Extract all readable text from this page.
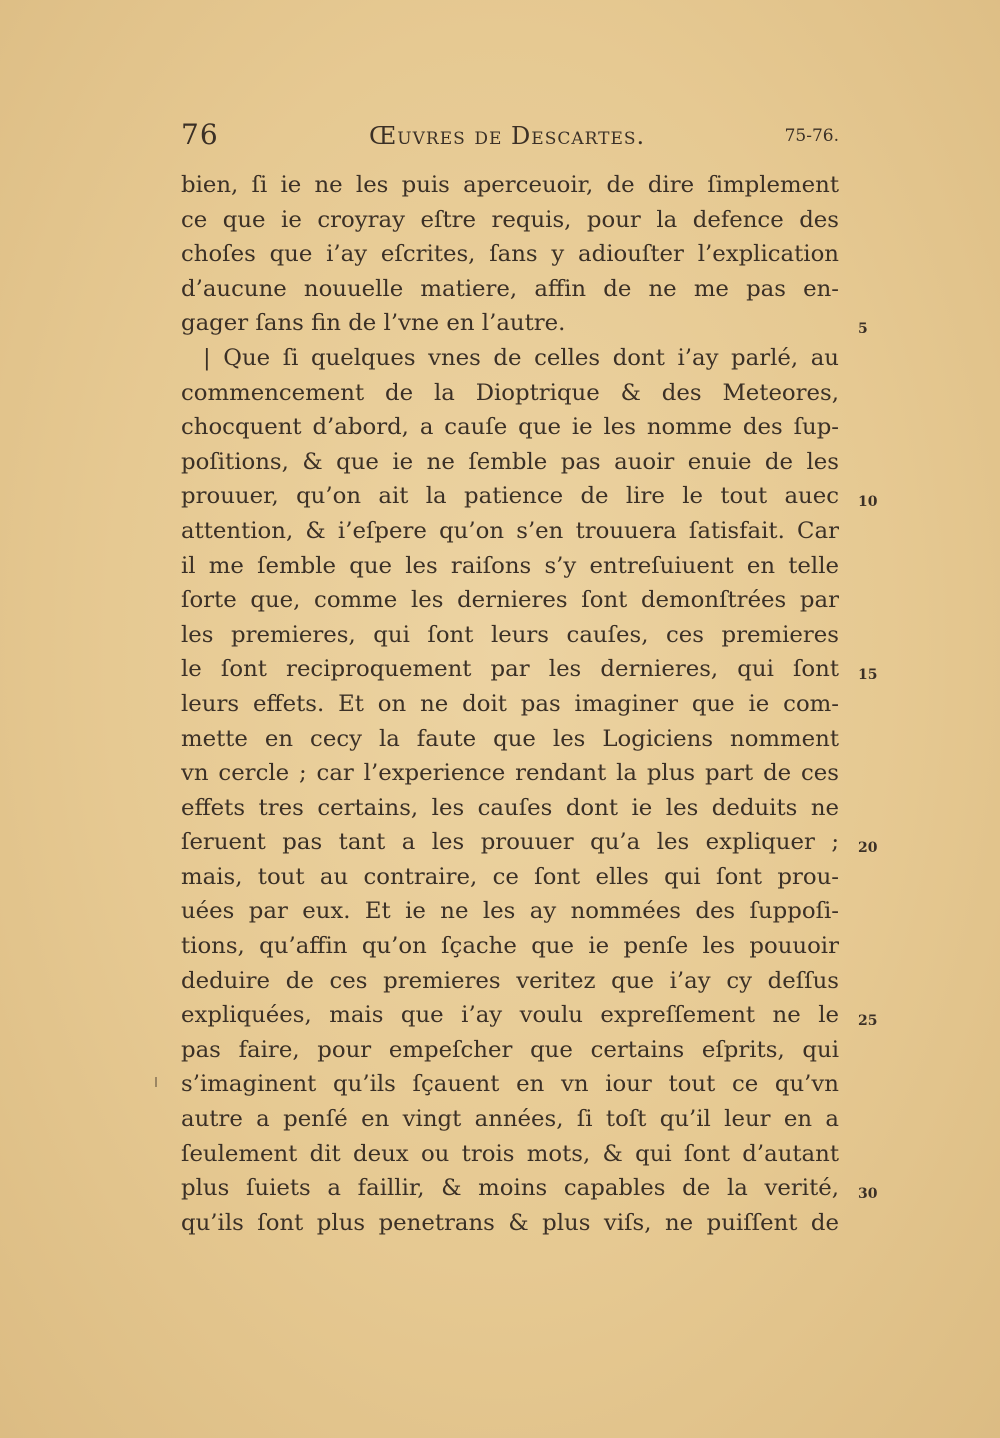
76	Œuvres de Descartes.	75-76.
bien, ſi ie ne les puis aperceuoir, de dire ſimplement
ce que ie croyray eſtre requis, pour la defence des
choſes que i’ay eſcrites, ſans y adiouſter l’explication
d’aucune nouuelle matiere, affin de ne me pas en-
gager ſans fin de l’vne en l’autre.
| Que ſi quelques vnes de celles dont i’ay parlé, au
commencement de la Dioptrique & des Meteores,
chocquent d’abord, a cauſe que ie les nomme des ſup-
poſitions, & que ie ne ſemble pas auoir enuie de les
prouuer, qu’on ait la patience de lire le tout auec
attention, & i’eſpere qu’on s’en trouuera ſatisfait. Car
il me ſemble que les raiſons s’y entreſuiuent en telle
ſorte que, comme les dernieres ſont demonſtrées par
les premieres, qui ſont leurs cauſes, ces premieres
le ſont reciproquement par les dernieres, qui ſont
leurs effets. Et on ne doit pas imaginer que ie com-
mette en cecy la faute que les Logiciens nomment
vn cercle ; car l’experience rendant la plus part de ces
effets tres certains, les cauſes dont ie les deduits ne
ſeruent pas tant a les prouuer qu’a les expliquer ;
mais, tout au contraire, ce ſont elles qui ſont prou-
uées par eux. Et ie ne les ay nommées des ſuppoſi-
tions, qu’affin qu’on ſçache que ie penſe les pouuoir
deduire de ces premieres veritez que i’ay cy deſſus
expliquées, mais que i’ay voulu expreſſement ne le
pas faire, pour empeſcher que certains eſprits, qui
s’imaginent qu’ils ſçauent en vn iour tout ce qu’vn
autre a penſé en vingt années, ſi toſt qu’il leur en a
ſeulement dit deux ou trois mots, & qui ſont d’autant
plus ſuiets a faillir, & moins capables de la verité,
qu’ils ſont plus penetrans & plus viſs, ne puiſſent de
5
10
15
20
25
30
